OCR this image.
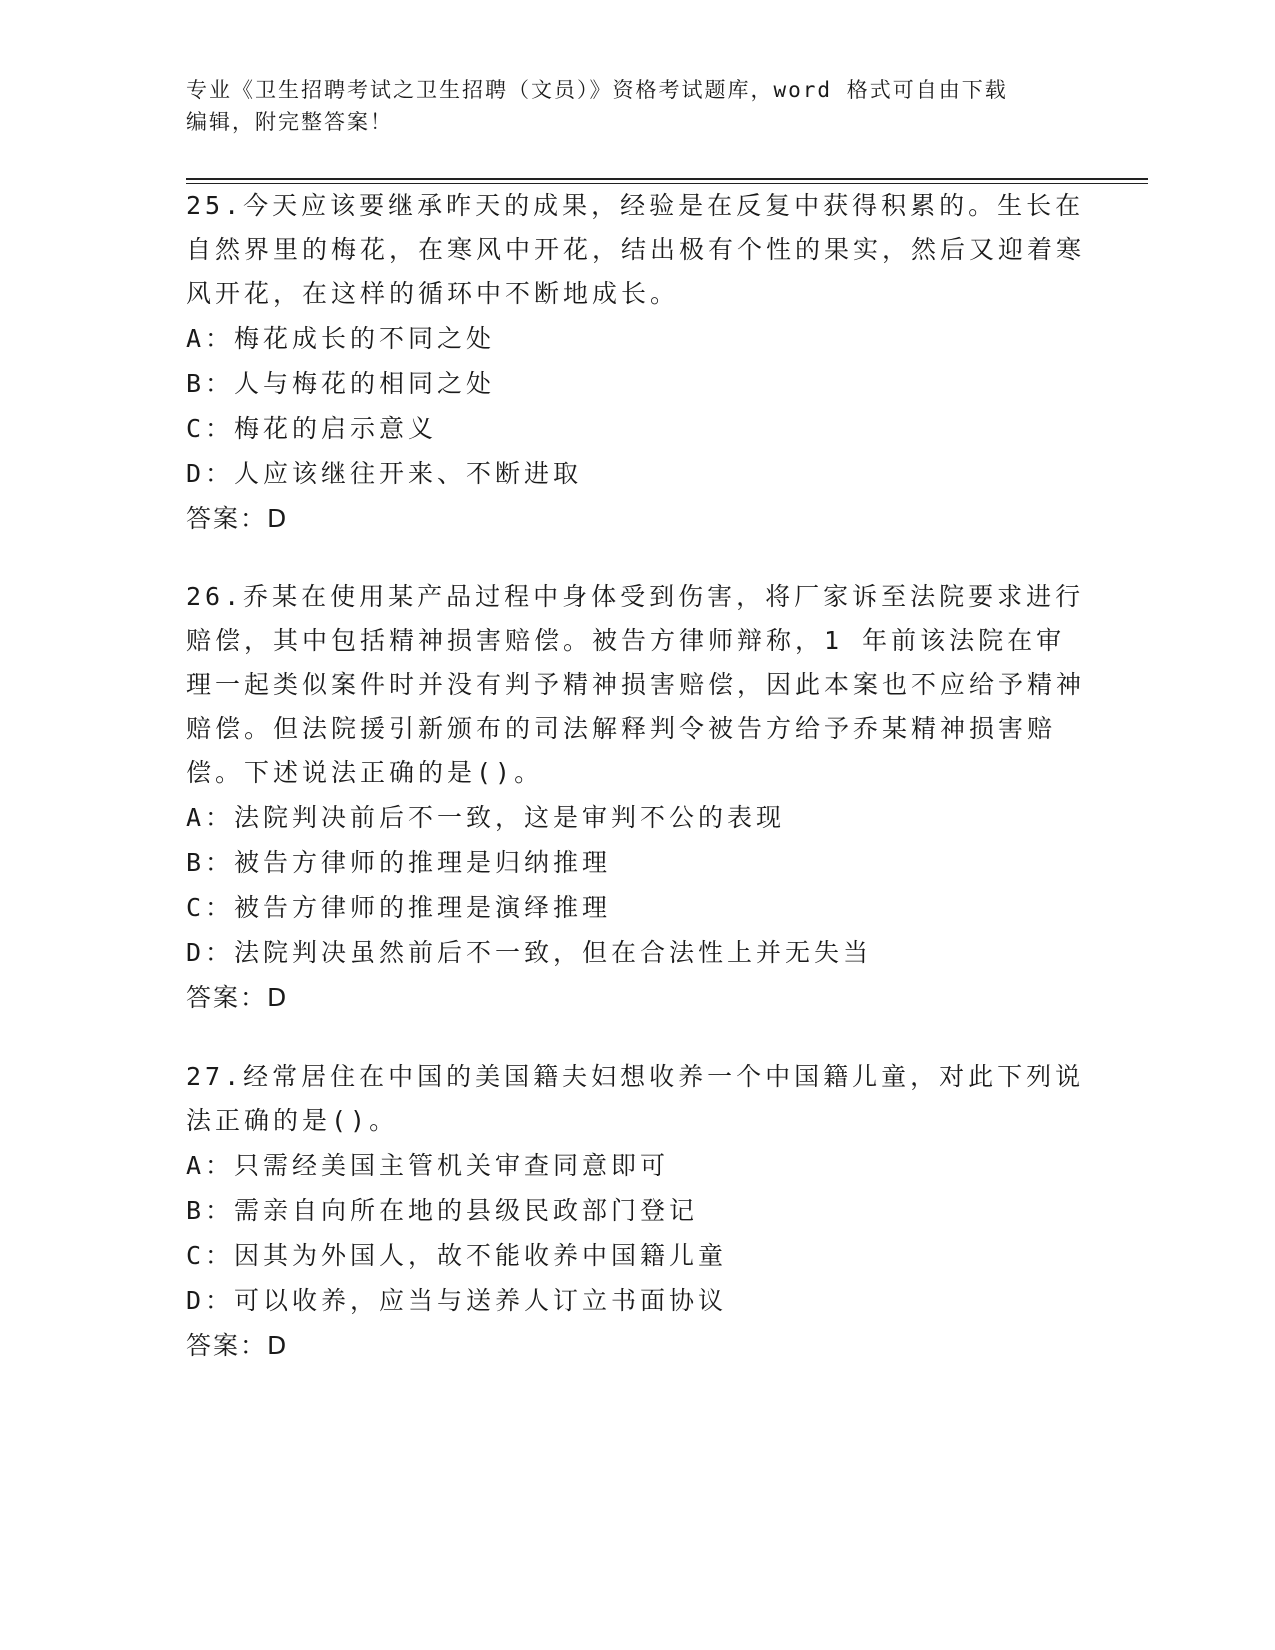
专业《卫生招聘考试之卫生招聘（文员）》资格考试题库，word 格式可自由下载

编辑，附完整答案！

25.今天应该要继承昨天的成果，经验是在反复中获得积累的。生长在自然界里的梅花，在寒风中开花，结出极有个性的果实，然后又迎着寒风开花，在这样的循环中不断地成长。

A：梅花成长的不同之处

B：人与梅花的相同之处

C：梅花的启示意义

D：人应该继往开来、不断进取

答案：D

26.乔某在使用某产品过程中身体受到伤害，将厂家诉至法院要求进行赔偿，其中包括精神损害赔偿。被告方律师辩称，1 年前该法院在审理一起类似案件时并没有判予精神损害赔偿，因此本案也不应给予精神赔偿。但法院援引新颁布的司法解释判令被告方给予乔某精神损害赔偿。下述说法正确的是()。

A：法院判决前后不一致，这是审判不公的表现

B：被告方律师的推理是归纳推理

C：被告方律师的推理是演绎推理

D：法院判决虽然前后不一致，但在合法性上并无失当

答案：D

27.经常居住在中国的美国籍夫妇想收养一个中国籍儿童，对此下列说法正确的是()。

A：只需经美国主管机关审查同意即可

B：需亲自向所在地的县级民政部门登记

C：因其为外国人，故不能收养中国籍儿童

D：可以收养，应当与送养人订立书面协议

答案：D
